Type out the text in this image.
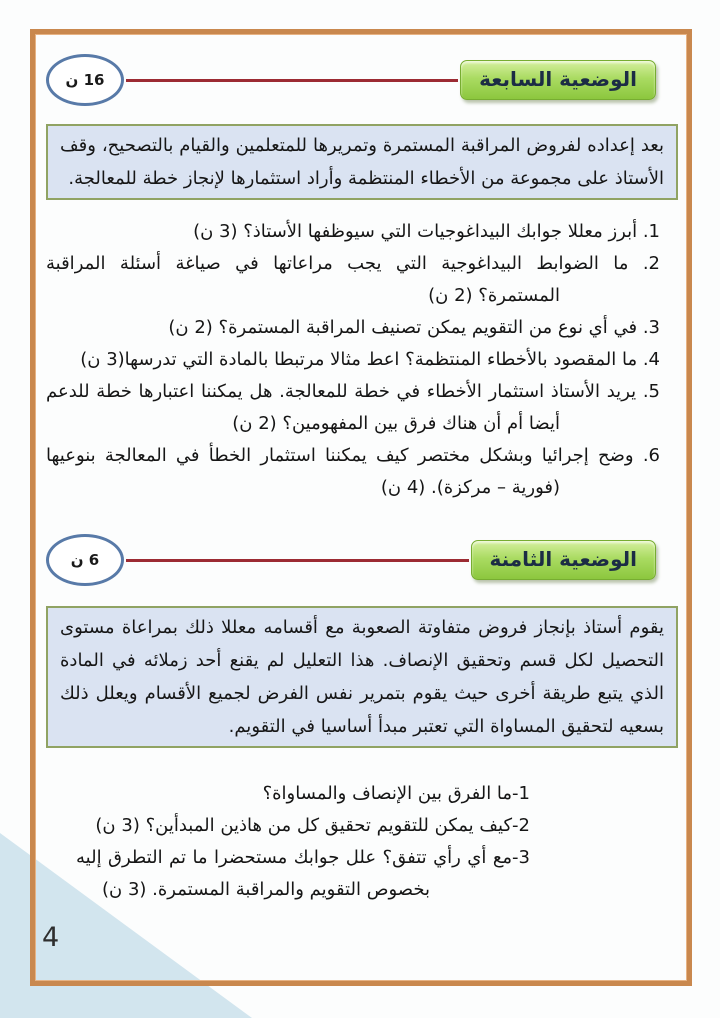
الوضعية السابعة
16 ن
بعد إعداده لفروض المراقبة المستمرة وتمريرها للمتعلمين والقيام بالتصحيح، وقف الأستاذ على مجموعة من الأخطاء المنتظمة وأراد استثمارها لإنجاز خطة للمعالجة.
1. أبرز معللا جوابك البيداغوجيات التي سيوظفها الأستاذ؟ (3 ن)
2. ما الضوابط البيداغوجية التي يجب مراعاتها في صياغة أسئلة المراقبة المستمرة؟ (2 ن)
3. في أي نوع من التقويم يمكن تصنيف المراقبة المستمرة؟ (2 ن)
4. ما المقصود بالأخطاء المنتظمة؟ اعط مثالا مرتبطا بالمادة التي تدرسها(3 ن)
5. يريد الأستاذ استثمار الأخطاء في خطة للمعالجة. هل يمكننا اعتبارها خطة للدعم أيضا أم أن هناك فرق بين المفهومين؟ (2 ن)
6. وضح إجرائيا وبشكل مختصر كيف يمكننا استثمار الخطأ في المعالجة بنوعيها (فورية – مركزة). (4 ن)
الوضعية الثامنة
6 ن
يقوم أستاذ بإنجاز فروض متفاوتة الصعوبة مع أقسامه معللا ذلك بمراعاة مستوى التحصيل لكل قسم وتحقيق الإنصاف. هذا التعليل لم يقنع أحد زملائه في المادة الذي يتبع طريقة أخرى حيث يقوم بتمرير نفس الفرض لجميع الأقسام ويعلل ذلك بسعيه لتحقيق المساواة التي تعتبر مبدأ أساسيا في التقويم.
1-ما الفرق بين الإنصاف والمساواة؟
2-كيف يمكن للتقويم تحقيق كل من هاذين المبدأين؟ (3 ن)
3-مع أي رأي تتفق؟ علل جوابك مستحضرا ما تم التطرق إليه بخصوص التقويم والمراقبة المستمرة. (3 ن)
4
